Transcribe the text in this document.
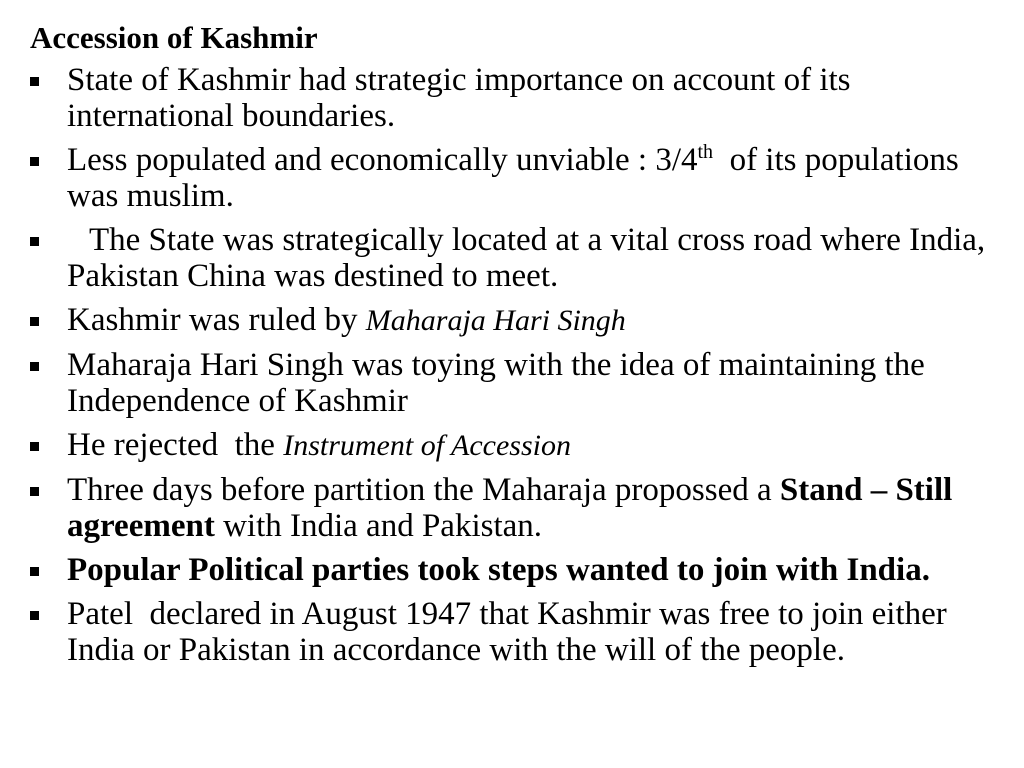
Accession of Kashmir
State of Kashmir had strategic importance on account of its international boundaries.
Less populated and economically unviable : 3/4th  of its populations was muslim.
The State was strategically located at a vital cross road where India, Pakistan China was destined to meet.
Kashmir was ruled by Maharaja Hari Singh
Maharaja Hari Singh was toying with the idea of maintaining the Independence of Kashmir
He rejected  the Instrument of Accession
Three days before partition the Maharaja propossed a Stand – Still agreement with India and Pakistan.
Popular Political parties took steps wanted to join with India.
Patel  declared in August 1947 that Kashmir was free to join either India or Pakistan in accordance with the will of the people.
